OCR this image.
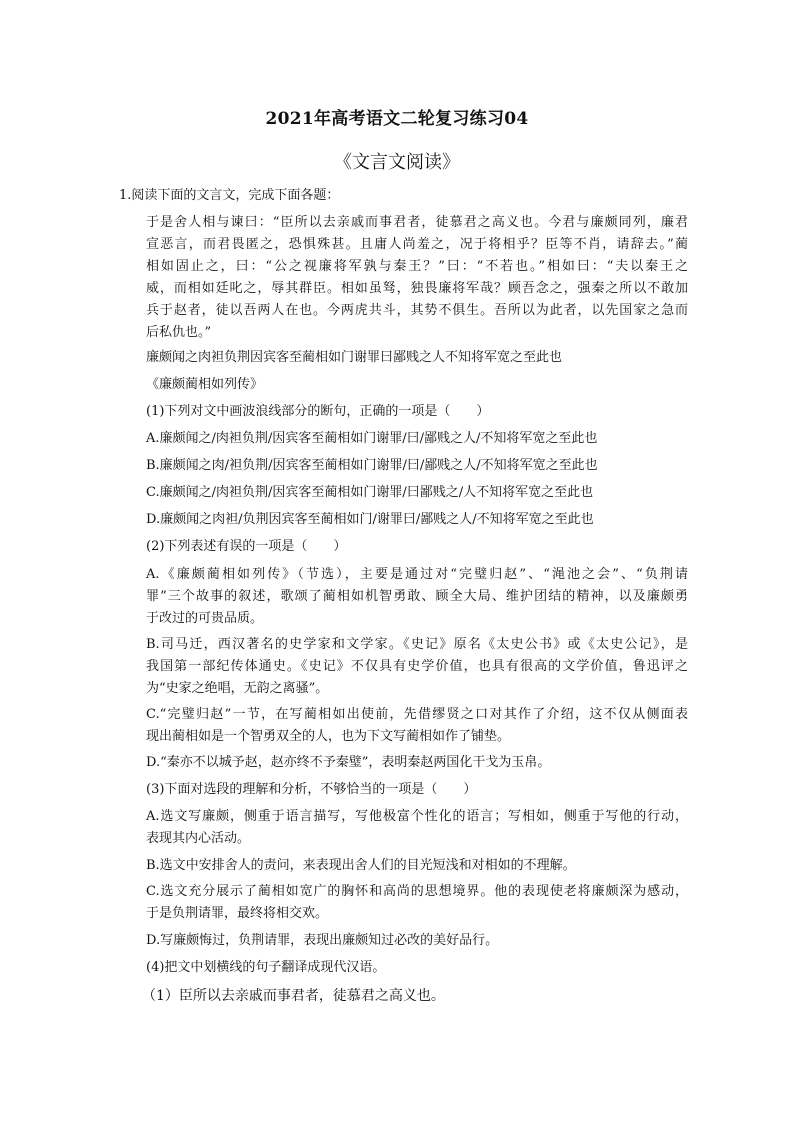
2021年高考语文二轮复习练习04
《文言文阅读》
1.阅读下面的文言文，完成下面各题：
于是舍人相与谏曰：“臣所以去亲戚而事君者，徒慕君之高义也。今君与廉颇同列，廉君
宣恶言，而君畏匿之，恐惧殊甚。且庸人尚羞之，况于将相乎？臣等不肖，请辞去。”蔺
相如固止之，曰：“公之视廉将军孰与秦王？”曰：“不若也。”相如曰：“夫以秦王之
威，而相如廷叱之，辱其群臣。相如虽驽，独畏廉将军哉？顾吾念之，强秦之所以不敢加
兵于赵者，徒以吾两人在也。今两虎共斗，其势不俱生。吾所以为此者，以先国家之急而
后私仇也。”
廉颇闻之肉袒负荆因宾客至蔺相如门谢罪曰鄙贱之人不知将军宽之至此也
《廉颇蔺相如列传》
(1)下列对文中画波浪线部分的断句，正确的一项是（　　）
A.廉颇闻之/肉袒负荆/因宾客至蔺相如门谢罪/曰/鄙贱之人/不知将军宽之至此也
B.廉颇闻之肉/袒负荆/因宾客至蔺相如门谢罪/曰/鄙贱之人/不知将军宽之至此也
C.廉颇闻之/肉袒负荆/因宾客至蔺相如门谢罪/曰鄙贱之/人不知将军宽之至此也
D.廉颇闻之肉袒/负荆因宾客至蔺相如门/谢罪曰/鄙贱之人/不知将军宽之至此也
(2)下列表述有误的一项是（　　）
A.《廉颇蔺相如列传》（节选），主要是通过对“完璧归赵”、“渑池之会”、“负荆请
罪”三个故事的叙述，歌颂了蔺相如机智勇敢、顾全大局、维护团结的精神，以及廉颇勇
于改过的可贵品质。
B.司马迁，西汉著名的史学家和文学家。《史记》原名《太史公书》或《太史公记》，是
我国第一部纪传体通史。《史记》不仅具有史学价值，也具有很高的文学价值，鲁迅评之
为“史家之绝唱，无韵之离骚”。
C.“完璧归赵”一节，在写蔺相如出使前，先借缪贤之口对其作了介绍，这不仅从侧面表
现出蔺相如是一个智勇双全的人，也为下文写蔺相如作了铺垫。
D.“秦亦不以城予赵，赵亦终不予秦璧”，表明秦赵两国化干戈为玉帛。
(3)下面对选段的理解和分析，不够恰当的一项是（　　）
A.选文写廉颇，侧重于语言描写，写他极富个性化的语言；写相如，侧重于写他的行动，
表现其内心活动。
B.选文中安排舍人的责问，来表现出舍人们的目光短浅和对相如的不理解。
C.选文充分展示了蔺相如宽广的胸怀和高尚的思想境界。他的表现使老将廉颇深为感动，
于是负荆请罪，最终将相交欢。
D.写廉颇悔过，负荆请罪，表现出廉颇知过必改的美好品行。
(4)把文中划横线的句子翻译成现代汉语。
（1）臣所以去亲戚而事君者，徒慕君之高义也。
